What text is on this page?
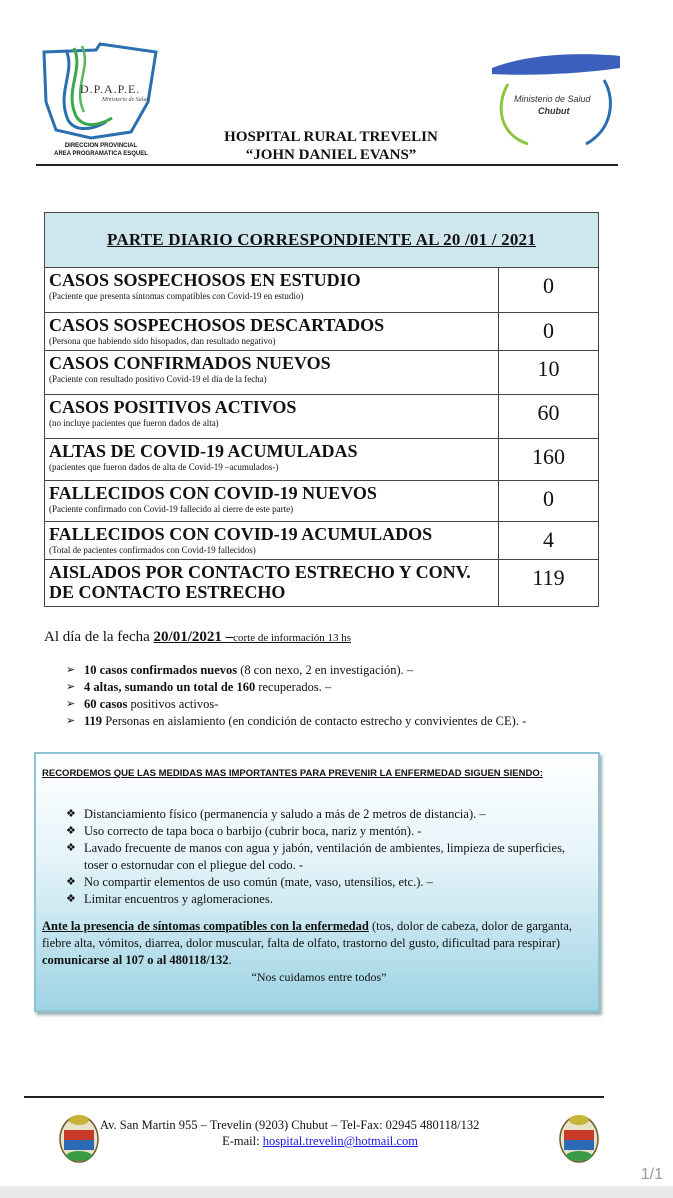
D.P.A.P.E.
Ministerio de Salud
DIRECCION PROVINCIAL
AREA PROGRAMATICA ESQUEL
HOSPITAL RURAL TREVELIN
“JOHN DANIEL EVANS”
Ministerio de Salud
Chubut
PARTE DIARIO CORRESPONDIENTE AL 20 /01 / 2021
CASOS SOSPECHOSOS EN ESTUDIO
(Paciente que presenta síntomas compatibles con Covid-19 en estudio)	0
CASOS SOSPECHOSOS DESCARTADOS
(Persona que habiendo sido hisopados, dan resultado negativo)	0
CASOS CONFIRMADOS NUEVOS
(Paciente con resultado positivo Covid-19 el día de la fecha)	10
CASOS POSITIVOS ACTIVOS
(no incluye pacientes que fueron dados de alta)	60
ALTAS DE COVID-19 ACUMULADAS
(pacientes que fueron dados de alta de Covid-19 –acumulados-)	160
FALLECIDOS CON COVID-19 NUEVOS
(Paciente confirmado con Covid-19 fallecido al cierre de este parte)	0
FALLECIDOS CON COVID-19 ACUMULADOS
(Total de pacientes confirmados con Covid-19 fallecidos)	4
AISLADOS POR CONTACTO ESTRECHO Y CONV. DE CONTACTO ESTRECHO
119
Al día de la fecha 20/01/2021 –corte de información 13 hs
➢ 10 casos confirmados nuevos (8 con nexo, 2 en investigación). –
➢ 4 altas, sumando un total de 160 recuperados. –
➢ 60 casos positivos activos-
➢ 119 Personas en aislamiento (en condición de contacto estrecho y convivientes de CE). -
RECORDEMOS QUE LAS MEDIDAS MAS IMPORTANTES PARA PREVENIR LA ENFERMEDAD SIGUEN SIENDO:
❖ Distanciamiento físico (permanencia y saludo a más de 2 metros de distancia). –
❖ Uso correcto de tapa boca o barbijo (cubrir boca, nariz y mentón). -
❖ Lavado frecuente de manos con agua y jabón, ventilación de ambientes, limpieza de superficies, toser o estornudar con el pliegue del codo. -
❖ No compartir elementos de uso común (mate, vaso, utensilios, etc.). –
❖ Limitar encuentros y aglomeraciones.
Ante la presencia de síntomas compatibles con la enfermedad (tos, dolor de cabeza, dolor de garganta, fiebre alta, vómitos, diarrea, dolor muscular, falta de olfato, trastorno del gusto, dificultad para respirar) comunicarse al 107 o al 480118/132.
“Nos cuidamos entre todos”
Av. San Martin 955 – Trevelin (9203) Chubut – Tel-Fax: 02945 480118/132
E-mail: hospital.trevelin@hotmail.com
1/1
